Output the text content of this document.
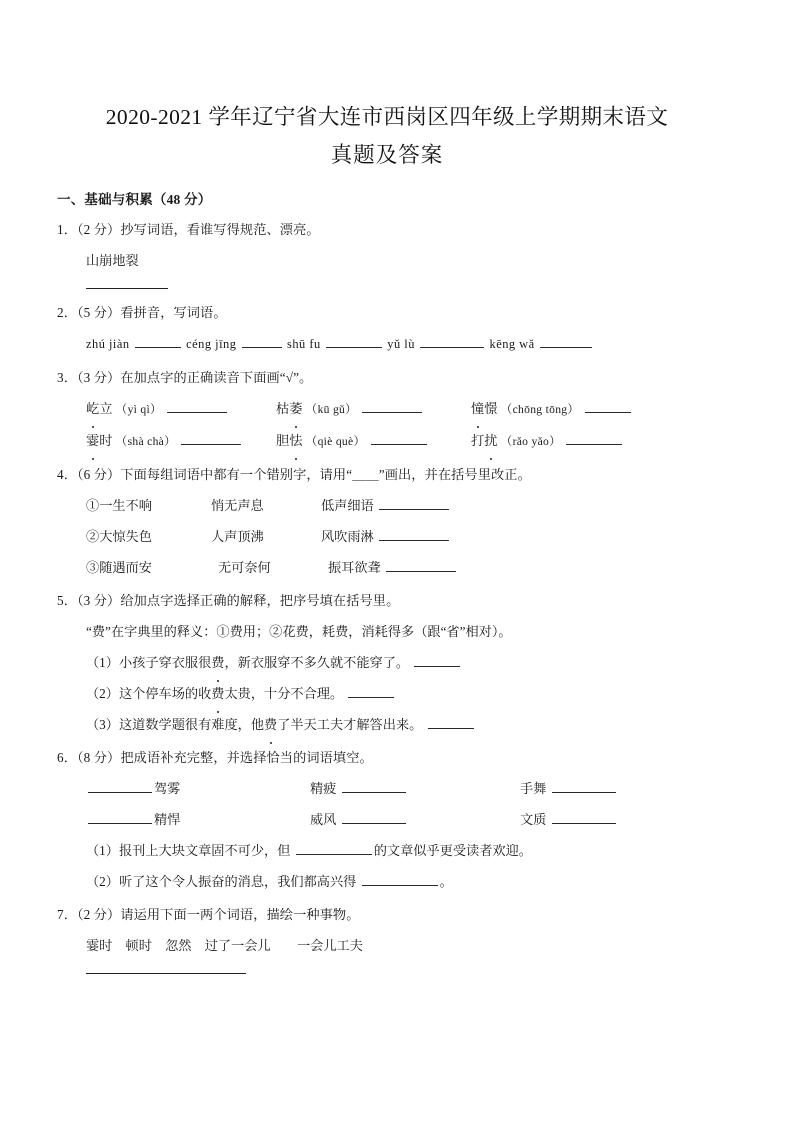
2020-2021 学年辽宁省大连市西岗区四年级上学期期末语文
真题及答案
一、基础与积累（48 分）
1．（2 分）抄写词语，看谁写得规范、漂亮。
山崩地裂
2．（5 分）看拼音，写词语。
zhú jiàn	céng jīng	shū fu	yǔ lù	kēng wǎ
3．（3 分）在加点字的正确读音下面画“√”。
屹立 （yì qì）	枯萎 （kū gǔ）	憧憬 （chōng tōng）
霎时 （shà chà）	胆怯 （qiè què）	打扰 （rǎo yǎo）
4．（6 分）下面每组词语中都有一个错别字，请用“＿＿”画出，并在括号里改正。
①一生不响	悄无声息	低声细语
②大惊失色	人声顶沸	风吹雨淋
③随遇而安	无可奈何	振耳欲聋
5．（3 分）给加点字选择正确的解释，把序号填在括号里。
“费”在字典里的释义：①费用；②花费，耗费，消耗得多（跟“省”相对）。
（1）小孩子穿衣服很费，新衣服穿不多久就不能穿了。
（2）这个停车场的收费太贵，十分不合理。
（3）这道数学题很有难度，他费了半天工夫才解答出来。
6．（8 分）把成语补充完整，并选择恰当的词语填空。
驾雾	精疲	手舞
精悍	威风	文质
（1）报刊上大块文章固不可少，但	的文章似乎更受读者欢迎。
（2）听了这个令人振奋的消息，我们都高兴得	。
7．（2 分）请运用下面一两个词语，描绘一种事物。
霎时　顿时　忽然　过了一会儿　　一会儿工夫
